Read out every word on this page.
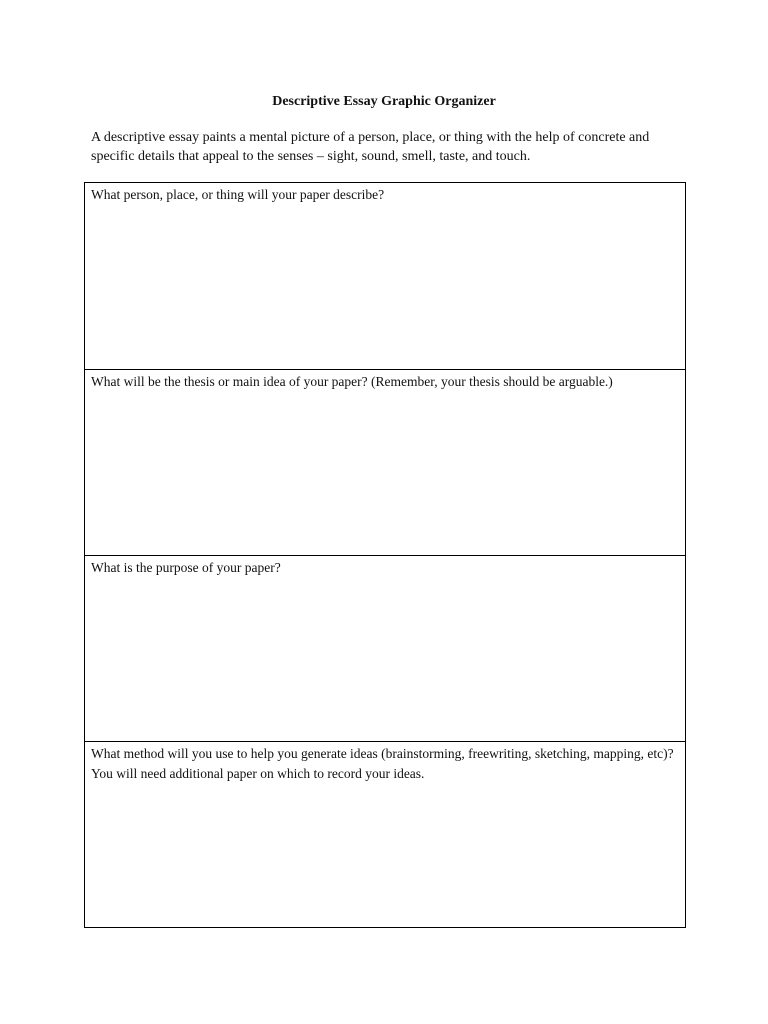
Descriptive Essay Graphic Organizer
A descriptive essay paints a mental picture of a person, place, or thing with the help of concrete and specific details that appeal to the senses – sight, sound, smell, taste, and touch.
What person, place, or thing will your paper describe?
What will be the thesis or main idea of your paper? (Remember, your thesis should be arguable.)
What is the purpose of your paper?
What method will you use to help you generate ideas (brainstorming, freewriting, sketching, mapping, etc)? You will need additional paper on which to record your ideas.
